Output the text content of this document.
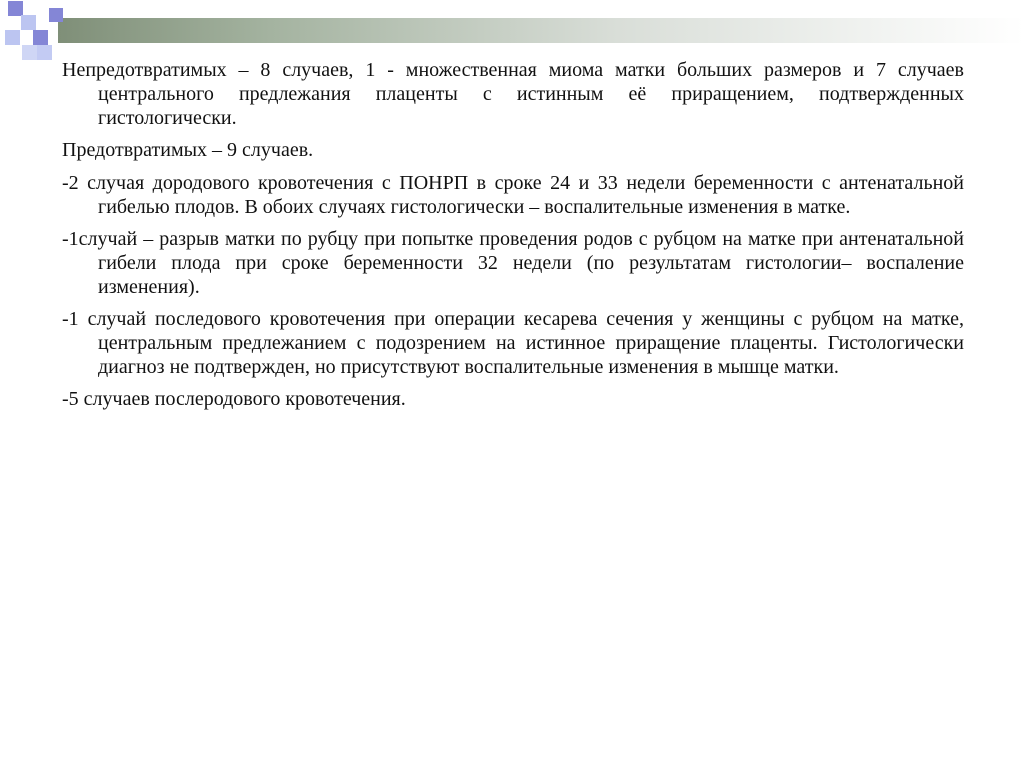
Непредотвратимых – 8 случаев, 1 - множественная миома матки больших размеров и 7 случаев центрального предлежания плаценты с истинным её приращением, подтвержденных гистологически.

Предотвратимых – 9 случаев.

-2 случая дородового кровотечения с ПОНРП в сроке 24 и 33 недели беременности с антенатальной гибелью плодов. В обоих случаях гистологически – воспалительные изменения в матке.

-1случай – разрыв матки по рубцу при попытке проведения родов с рубцом на матке при антенатальной гибели плода при сроке беременности 32 недели (по результатам гистологии– воспаление изменения).

-1 случай последового кровотечения при операции кесарева сечения у женщины с рубцом на матке, центральным предлежанием с подозрением на истинное приращение плаценты. Гистологически диагноз не подтвержден, но присутствуют воспалительные изменения в мышце матки.

-5 случаев послеродового кровотечения.
